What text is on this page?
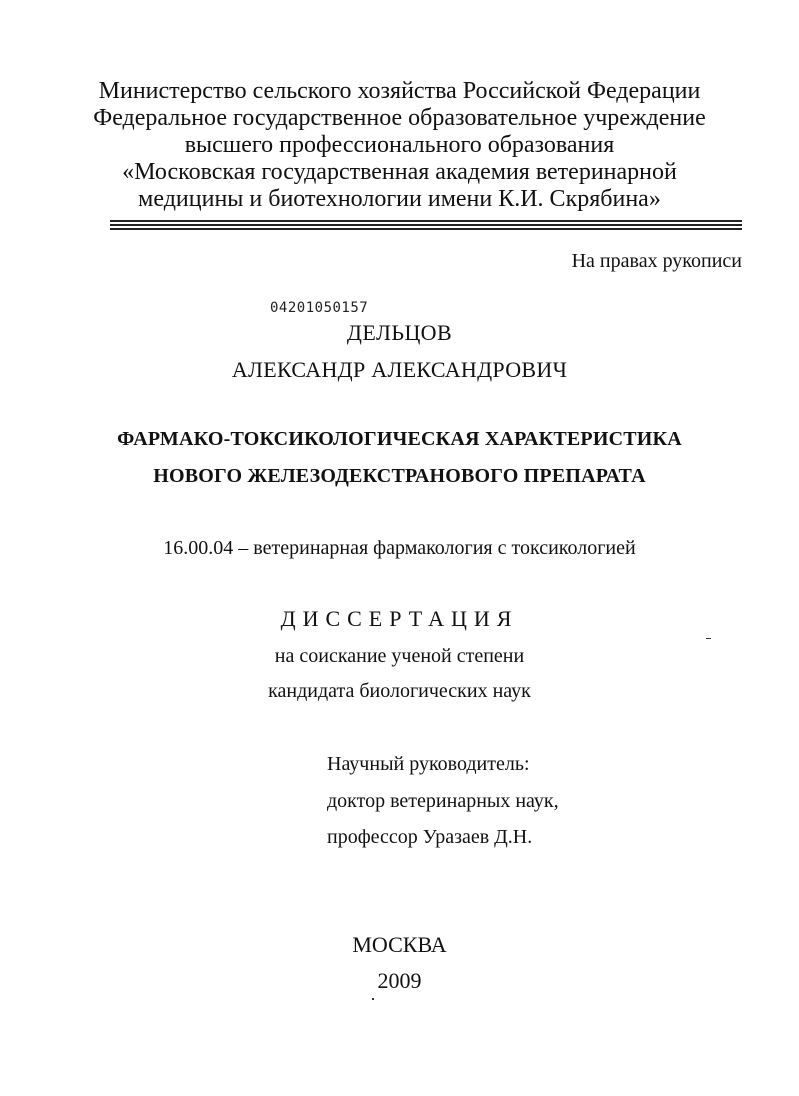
Министерство сельского хозяйства Российской Федерации
Федеральное государственное образовательное учреждение
высшего профессионального образования
«Московская государственная академия ветеринарной
медицины и биотехнологии имени К.И. Скрябина»
На правах рукописи
04201050157
ДЕЛЬЦОВ
АЛЕКСАНДР АЛЕКСАНДРОВИЧ
ФАРМАКО-ТОКСИКОЛОГИЧЕСКАЯ ХАРАКТЕРИСТИКА
НОВОГО ЖЕЛЕЗОДЕКСТРАНОВОГО ПРЕПАРАТА
16.00.04 – ветеринарная фармакология с токсикологией
ДИССЕРТАЦИЯ
на соискание ученой степени
кандидата биологических наук
Научный руководитель:
доктор ветеринарных наук,
профессор Уразаев Д.Н.
МОСКВА
2009
